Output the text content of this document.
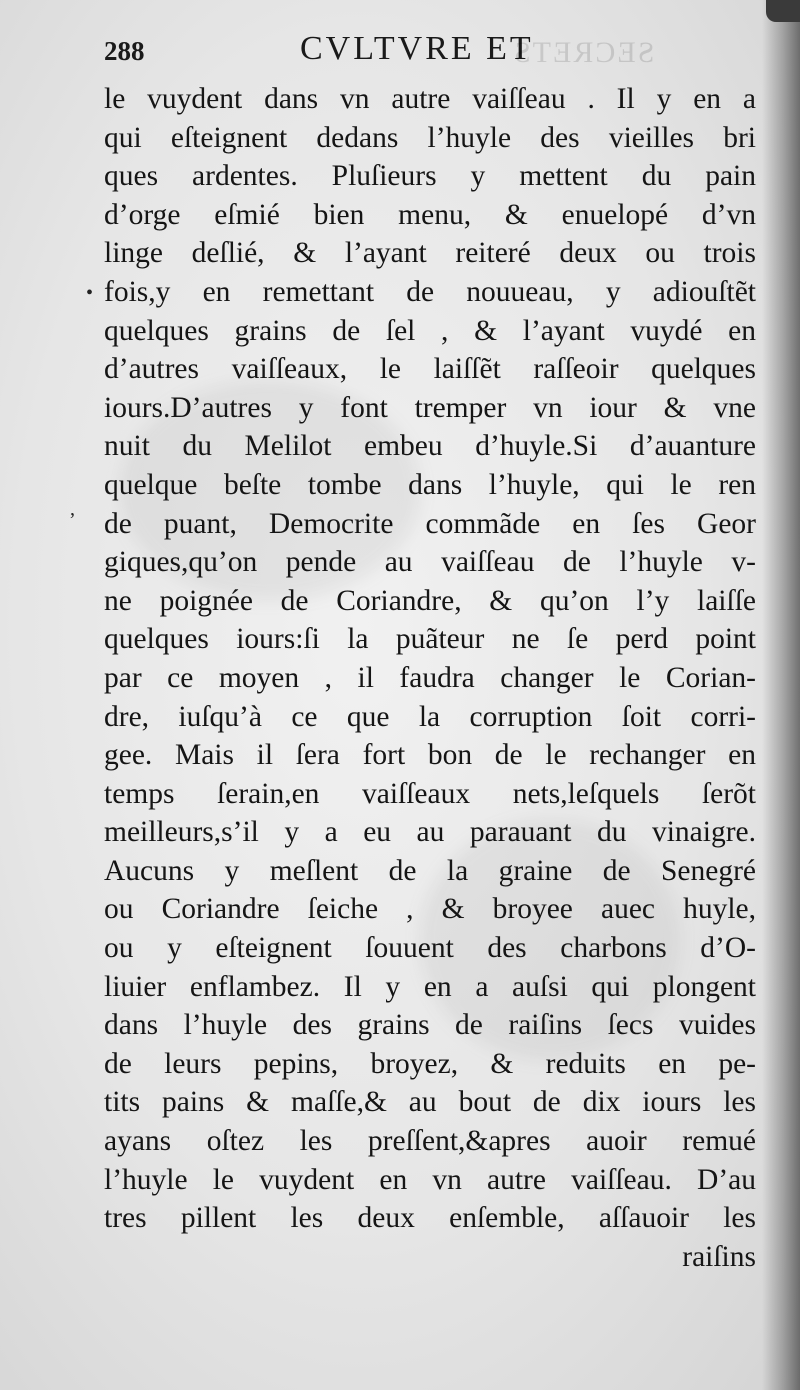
288	CVLTVRE ET
SECRETS
le vuydent dans vn autre vaiſſeau . Il y en a
qui eſteignent dedans l’huyle des vieilles bri
ques ardentes. Pluſieurs y mettent du pain
d’orge eſmié bien menu, & enuelopé d’vn
linge deſlié, & l’ayant reiteré deux ou trois
fois,y en remettant de nouueau, y adiouſtẽt
quelques grains de ſel , & l’ayant vuydé en
d’autres vaiſſeaux, le laiſſẽt raſſeoir quelques
iours.D’autres y font tremper vn iour & vne
nuit du Melilot embeu d’huyle.Si d’auanture
quelque beſte tombe dans l’huyle, qui le ren
de puant, Democrite commãde en ſes Geor
giques,qu’on pende au vaiſſeau de l’huyle v-
ne poignée de Coriandre, & qu’on l’y laiſſe
quelques iours:ſi la puãteur ne ſe perd point
par ce moyen , il faudra changer le Corian-
dre, iuſqu’à ce que la corruption ſoit corri-
gee. Mais il ſera fort bon de le rechanger en
temps ſerain,en vaiſſeaux nets,leſquels ſerõt
meilleurs,s’il y a eu au parauant du vinaigre.
Aucuns y meſlent de la graine de Senegré
ou Coriandre ſeiche , & broyee auec huyle,
ou y eſteignent ſouuent des charbons d’O-
liuier enflambez. Il y en a auſsi qui plongent
dans l’huyle des grains de raiſins ſecs vuides
de leurs pepins, broyez, & reduits en pe-
tits pains & maſſe,& au bout de dix iours les
ayans oſtez les preſſent,&apres auoir remué
l’huyle le vuydent en vn autre vaiſſeau. D’au
tres pillent les deux enſemble, aſſauoir les
raiſins
•
,
